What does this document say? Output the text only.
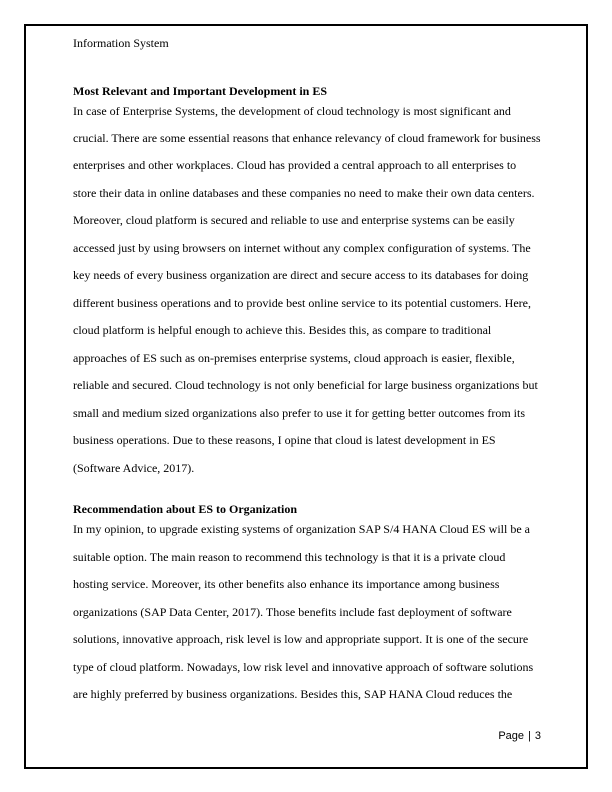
Information System
Most Relevant and Important Development in ES
In case of Enterprise Systems, the development of cloud technology is most significant and
crucial. There are some essential reasons that enhance relevancy of cloud framework for business
enterprises and other workplaces. Cloud has provided a central approach to all enterprises to
store their data in online databases and these companies no need to make their own data centers.
Moreover, cloud platform is secured and reliable to use and enterprise systems can be easily
accessed just by using browsers on internet without any complex configuration of systems. The
key needs of every business organization are direct and secure access to its databases for doing
different business operations and to provide best online service to its potential customers. Here,
cloud platform is helpful enough to achieve this. Besides this, as compare to traditional
approaches of ES such as on-premises enterprise systems, cloud approach is easier, flexible,
reliable and secured. Cloud technology is not only beneficial for large business organizations but
small and medium sized organizations also prefer to use it for getting better outcomes from its
business operations. Due to these reasons, I opine that cloud is latest development in ES
(Software Advice, 2017).
Recommendation about ES to Organization
In my opinion, to upgrade existing systems of organization SAP S/4 HANA Cloud ES will be a
suitable option. The main reason to recommend this technology is that it is a private cloud
hosting service. Moreover, its other benefits also enhance its importance among business
organizations (SAP Data Center, 2017). Those benefits include fast deployment of software
solutions, innovative approach, risk level is low and appropriate support. It is one of the secure
type of cloud platform. Nowadays, low risk level and innovative approach of software solutions
are highly preferred by business organizations. Besides this, SAP HANA Cloud reduces the
Page | 3
